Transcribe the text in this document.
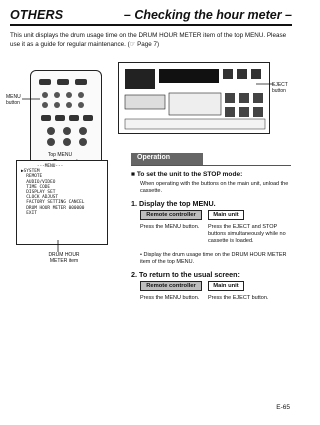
OTHERS	– Checking the hour meter –
This unit displays the drum usage time on the DRUM HOUR METER item of the top MENU. Please use it as a guide for regular maintenance. (☞ Page 7)
MENU
button
EJECT
button
Top MENU
---MENU---
▶SYSTEM
REMOTE
AUDIO/VIDEO
TIME CODE
DISPLAY SET
CLOCK ADJUST
FACTORY SETTING CANCEL
DRUM HOUR METER 000000
EXIT
DRUM HOUR
METER item
Operation
■ To set the unit to the STOP mode:
When operating with the buttons on the main unit, unload the cassette.
1. Display the top MENU.
Remote controller	Main unit
Press the MENU button.	Press the EJECT and STOP buttons simultaneously while no cassette is loaded.
• Display the drum usage time on the DRUM HOUR METER item of the top MENU.
2. To return to the usual screen:
Remote controller	Main unit
Press the MENU button.	Press the EJECT button.
E-65
